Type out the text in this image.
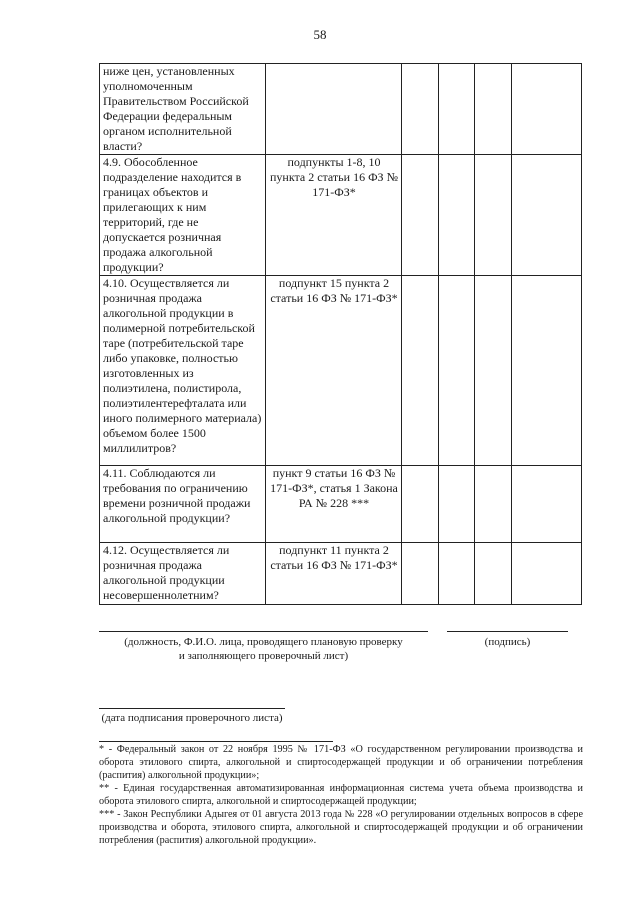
58
ниже цен, установленных уполномоченным Правительством Российской Федерации федеральным органом исполнительной власти?					
4.9. Обособленное подразделение находится в границах объектов и прилегающих к ним территорий, где не допускается розничная продажа алкогольной продукции?	подпункты 1-8, 10 пункта 2 статьи 16 ФЗ № 171-ФЗ*				
4.10. Осуществляется ли розничная продажа алкогольной продукции в полимерной потребительской таре (потребительской таре либо упаковке, полностью изготовленных из полиэтилена, полистирола, полиэтилентерефталата или иного полимерного материала) объемом более 1500 миллилитров?	подпункт 15 пункта 2 статьи 16 ФЗ № 171-ФЗ*				
4.11. Соблюдаются ли требования по ограничению времени розничной продажи алкогольной продукции?	пункт 9 статьи 16 ФЗ № 171-ФЗ*, статья 1 Закона РА № 228 ***				
4.12. Осуществляется ли розничная продажа алкогольной продукции несовершеннолетним?	подпункт 11 пункта 2 статьи 16 ФЗ № 171-ФЗ*				
(должность, Ф.И.О. лица, проводящего плановую проверку
и заполняющего проверочный лист)
(подпись)
(дата подписания проверочного листа)

* - Федеральный закон от 22 ноября 1995 № 171-ФЗ «О государственном регулировании производства и оборота этилового спирта, алкогольной и спиртосодержащей продукции и об ограничении потребления (распития) алкогольной продукции»;

** - Единая государственная автоматизированная информационная система учета объема производства и оборота этилового спирта, алкогольной и спиртосодержащей продукции;

*** - Закон Республики Адыгея от 01 августа 2013 года № 228 «О регулировании отдельных вопросов в сфере производства и оборота, этилового спирта, алкогольной и спиртосодержащей продукции и об ограничении потребления (распития) алкогольной продукции».
